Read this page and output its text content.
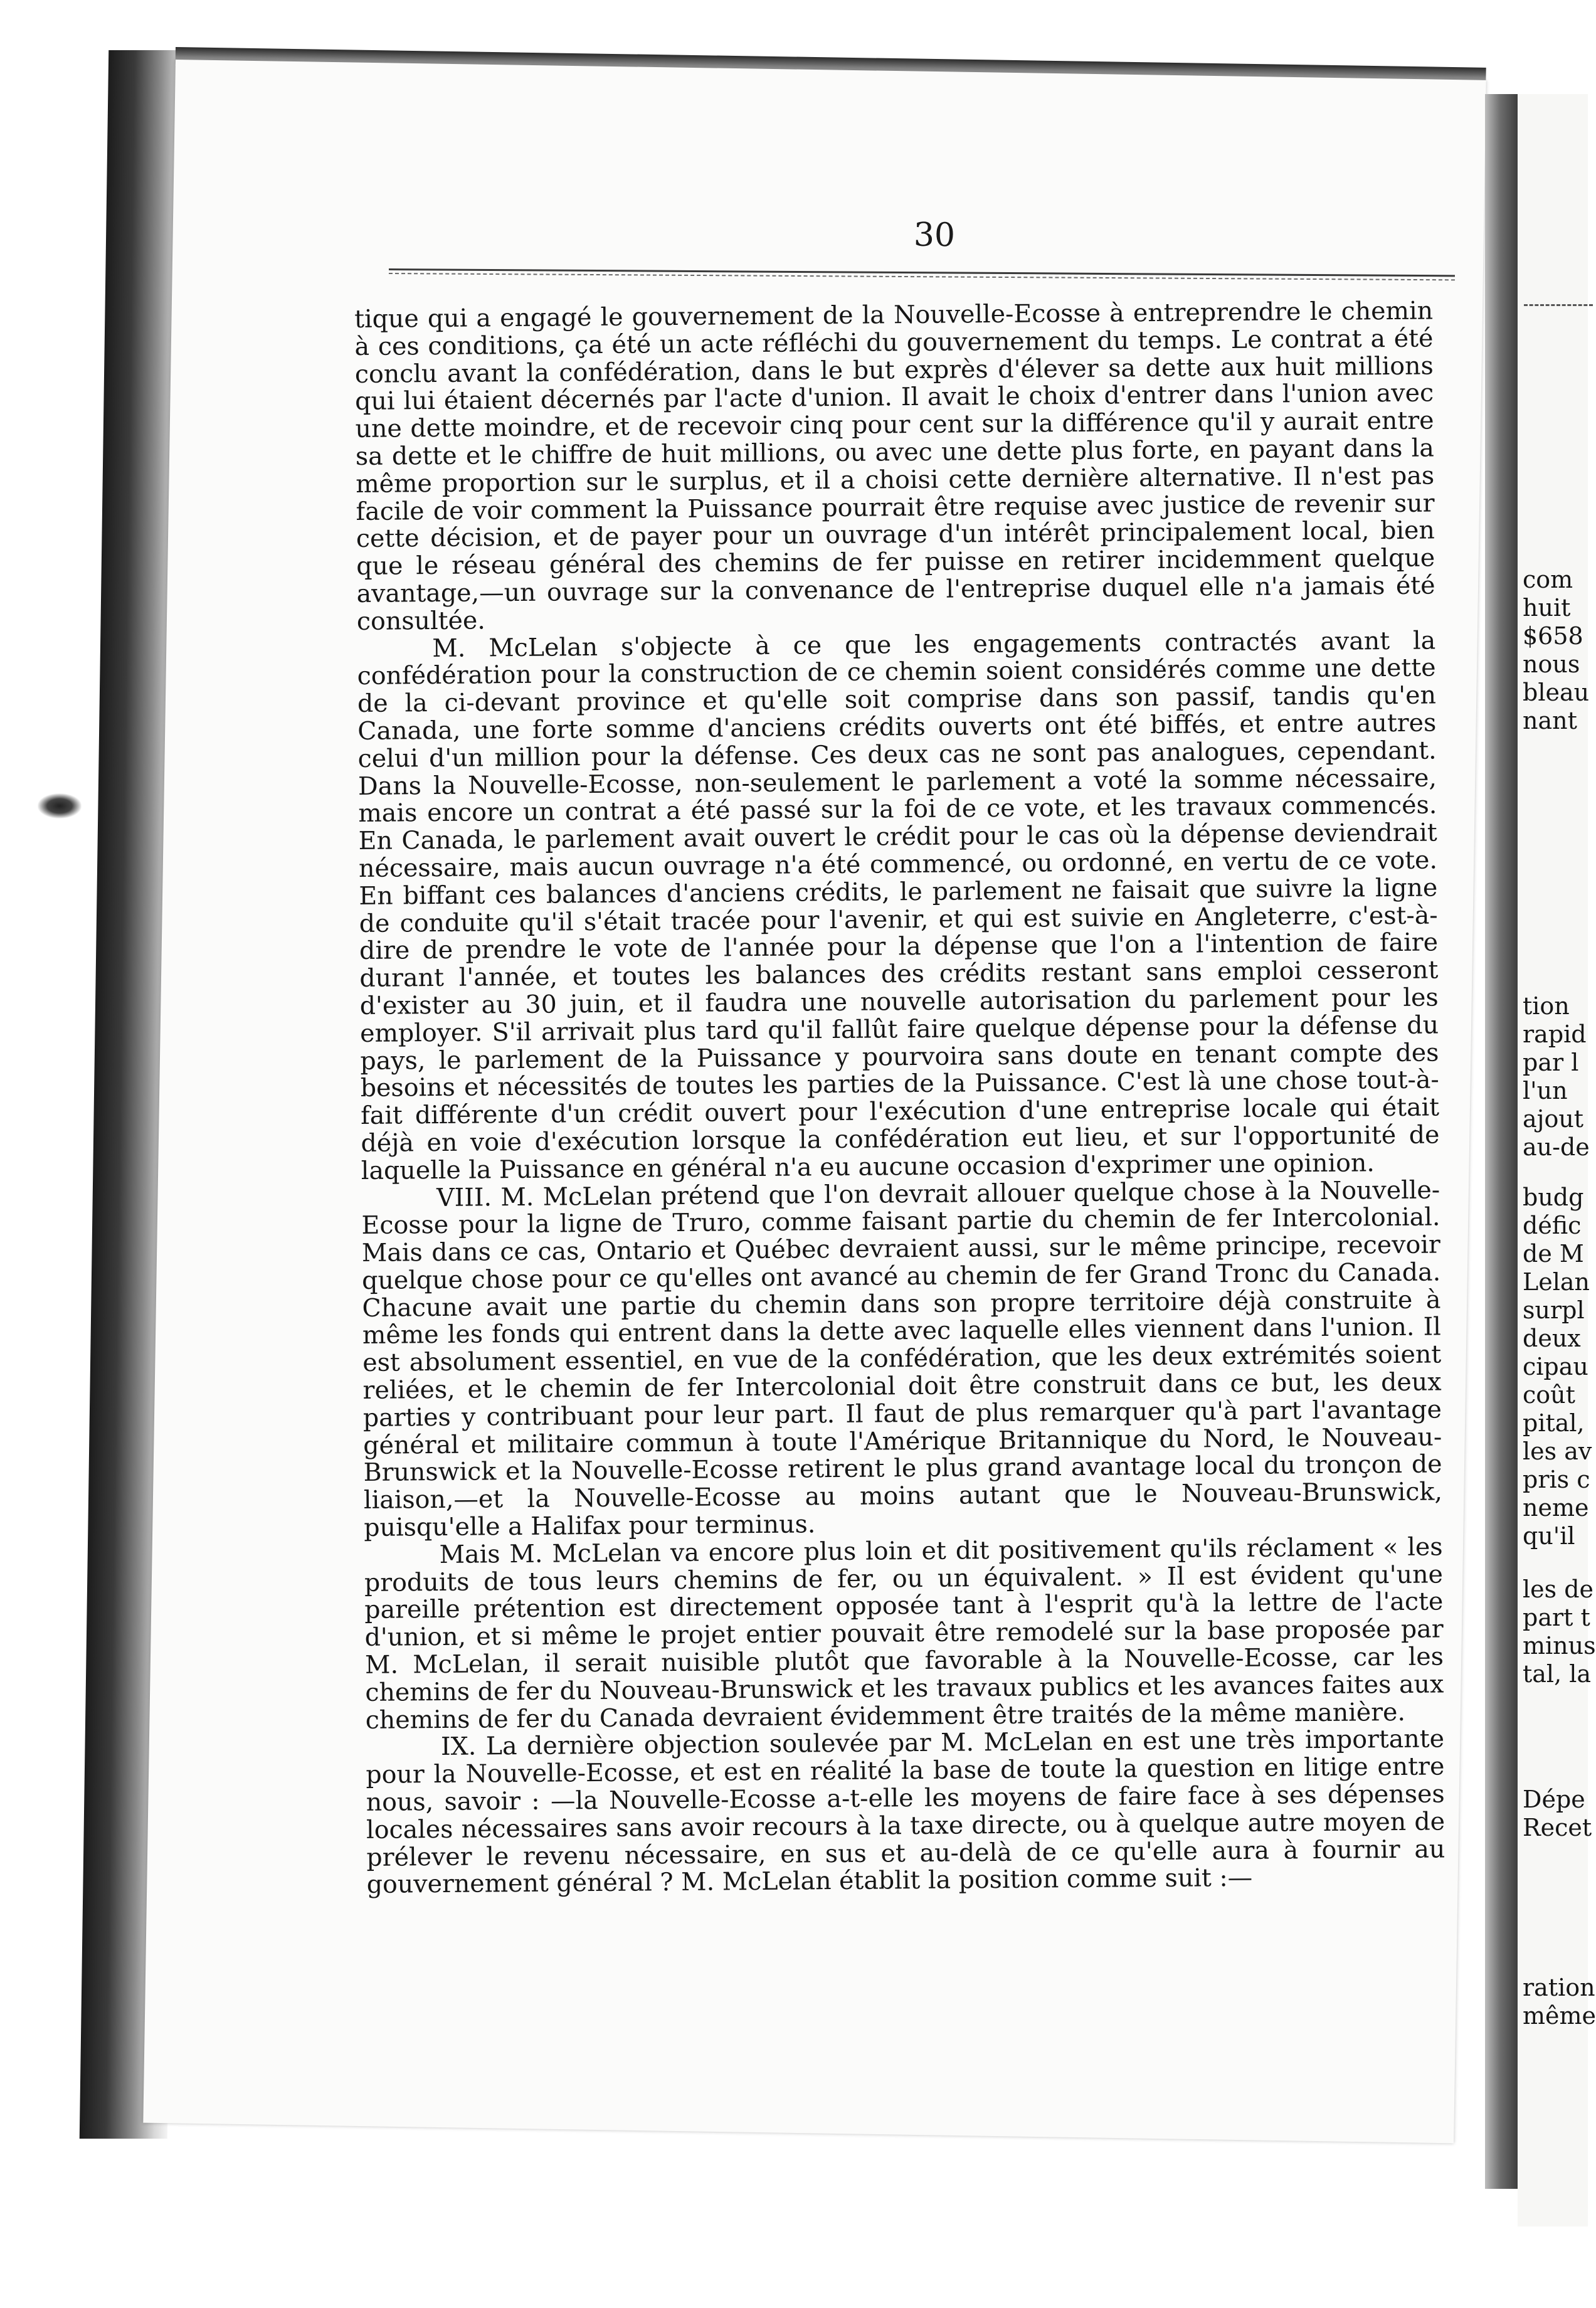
com
huit
$658
nous
bleau
nant
tion
rapid
par l
l'un
ajout
au-de
budg
défic
de M
Lelan
surpl
deux
cipau
coût
pital,
les av
pris c
neme
qu'il
les de
part t
minus
tal, la
Dépe
Recet
ration
même
30

tique qui a engagé le gouvernement de la Nouvelle-Ecosse à entreprendre le chemin à ces conditions, ça été un acte réfléchi du gouvernement du temps. Le contrat a été conclu avant la confédération, dans le but exprès d'élever sa dette aux huit millions qui lui étaient décernés par l'acte d'union. Il avait le choix d'entrer dans l'union avec une dette moindre, et de recevoir cinq pour cent sur la différence qu'il y aurait entre sa dette et le chiffre de huit millions, ou avec une dette plus forte, en payant dans la même proportion sur le surplus, et il a choisi cette dernière alternative. Il n'est pas facile de voir comment la Puissance pourrait être requise avec justice de revenir sur cette décision, et de payer pour un ouvrage d'un intérêt principalement local, bien que le réseau général des chemins de fer puisse en retirer incidemment quelque avantage,—un ouvrage sur la convenance de l'entreprise duquel elle n'a jamais été consultée.

M. McLelan s'objecte à ce que les engagements contractés avant la confédération pour la construction de ce chemin soient considérés comme une dette de la ci-devant province et qu'elle soit comprise dans son passif, tandis qu'en Canada, une forte somme d'anciens crédits ouverts ont été biffés, et entre autres celui d'un million pour la défense. Ces deux cas ne sont pas analogues, cependant. Dans la Nouvelle-Ecosse, non-seulement le parlement a voté la somme nécessaire, mais encore un contrat a été passé sur la foi de ce vote, et les travaux commencés. En Canada, le parlement avait ouvert le crédit pour le cas où la dépense deviendrait nécessaire, mais aucun ouvrage n'a été commencé, ou ordonné, en vertu de ce vote. En biffant ces balances d'anciens crédits, le parlement ne faisait que suivre la ligne de conduite qu'il s'était tracée pour l'avenir, et qui est suivie en Angleterre, c'est-à-dire de prendre le vote de l'année pour la dépense que l'on a l'intention de faire durant l'année, et toutes les balances des crédits restant sans emploi cesseront d'exister au 30 juin, et il faudra une nouvelle autorisation du parlement pour les employer. S'il arrivait plus tard qu'il fallût faire quelque dépense pour la défense du pays, le parlement de la Puissance y pourvoira sans doute en tenant compte des besoins et nécessités de toutes les parties de la Puissance. C'est là une chose tout-à-fait différente d'un crédit ouvert pour l'exécution d'une entreprise locale qui était déjà en voie d'exécution lorsque la confédération eut lieu, et sur l'opportunité de laquelle la Puissance en général n'a eu aucune occasion d'exprimer une opinion.

VIII. M. McLelan prétend que l'on devrait allouer quelque chose à la Nouvelle-Ecosse pour la ligne de Truro, comme faisant partie du chemin de fer Intercolonial. Mais dans ce cas, Ontario et Québec devraient aussi, sur le même principe, recevoir quelque chose pour ce qu'elles ont avancé au chemin de fer Grand Tronc du Canada. Chacune avait une partie du chemin dans son propre territoire déjà construite à même les fonds qui entrent dans la dette avec laquelle elles viennent dans l'union. Il est absolument essentiel, en vue de la confédération, que les deux extrémités soient reliées, et le chemin de fer Intercolonial doit être construit dans ce but, les deux parties y contribuant pour leur part. Il faut de plus remarquer qu'à part l'avantage général et militaire commun à toute l'Amérique Britannique du Nord, le Nouveau-Brunswick et la Nouvelle-Ecosse retirent le plus grand avantage local du tronçon de liaison,—et la Nouvelle-Ecosse au moins autant que le Nouveau-Brunswick, puisqu'elle a Halifax pour terminus.

Mais M. McLelan va encore plus loin et dit positivement qu'ils réclament « les produits de tous leurs chemins de fer, ou un équivalent. » Il est évident qu'une pareille prétention est directement opposée tant à l'esprit qu'à la lettre de l'acte d'union, et si même le projet entier pouvait être remodelé sur la base proposée par M. McLelan, il serait nuisible plutôt que favorable à la Nouvelle-Ecosse, car les chemins de fer du Nouveau-Brunswick et les travaux publics et les avances faites aux chemins de fer du Canada devraient évidemment être traités de la même manière.

IX. La dernière objection soulevée par M. McLelan en est une très importante pour la Nouvelle-Ecosse, et est en réalité la base de toute la question en litige entre nous, savoir : —la Nouvelle-Ecosse a-t-elle les moyens de faire face à ses dépenses locales nécessaires sans avoir recours à la taxe directe, ou à quelque autre moyen de prélever le revenu nécessaire, en sus et au-delà de ce qu'elle aura à fournir au gouvernement général ? M. McLelan établit la position comme suit :—
